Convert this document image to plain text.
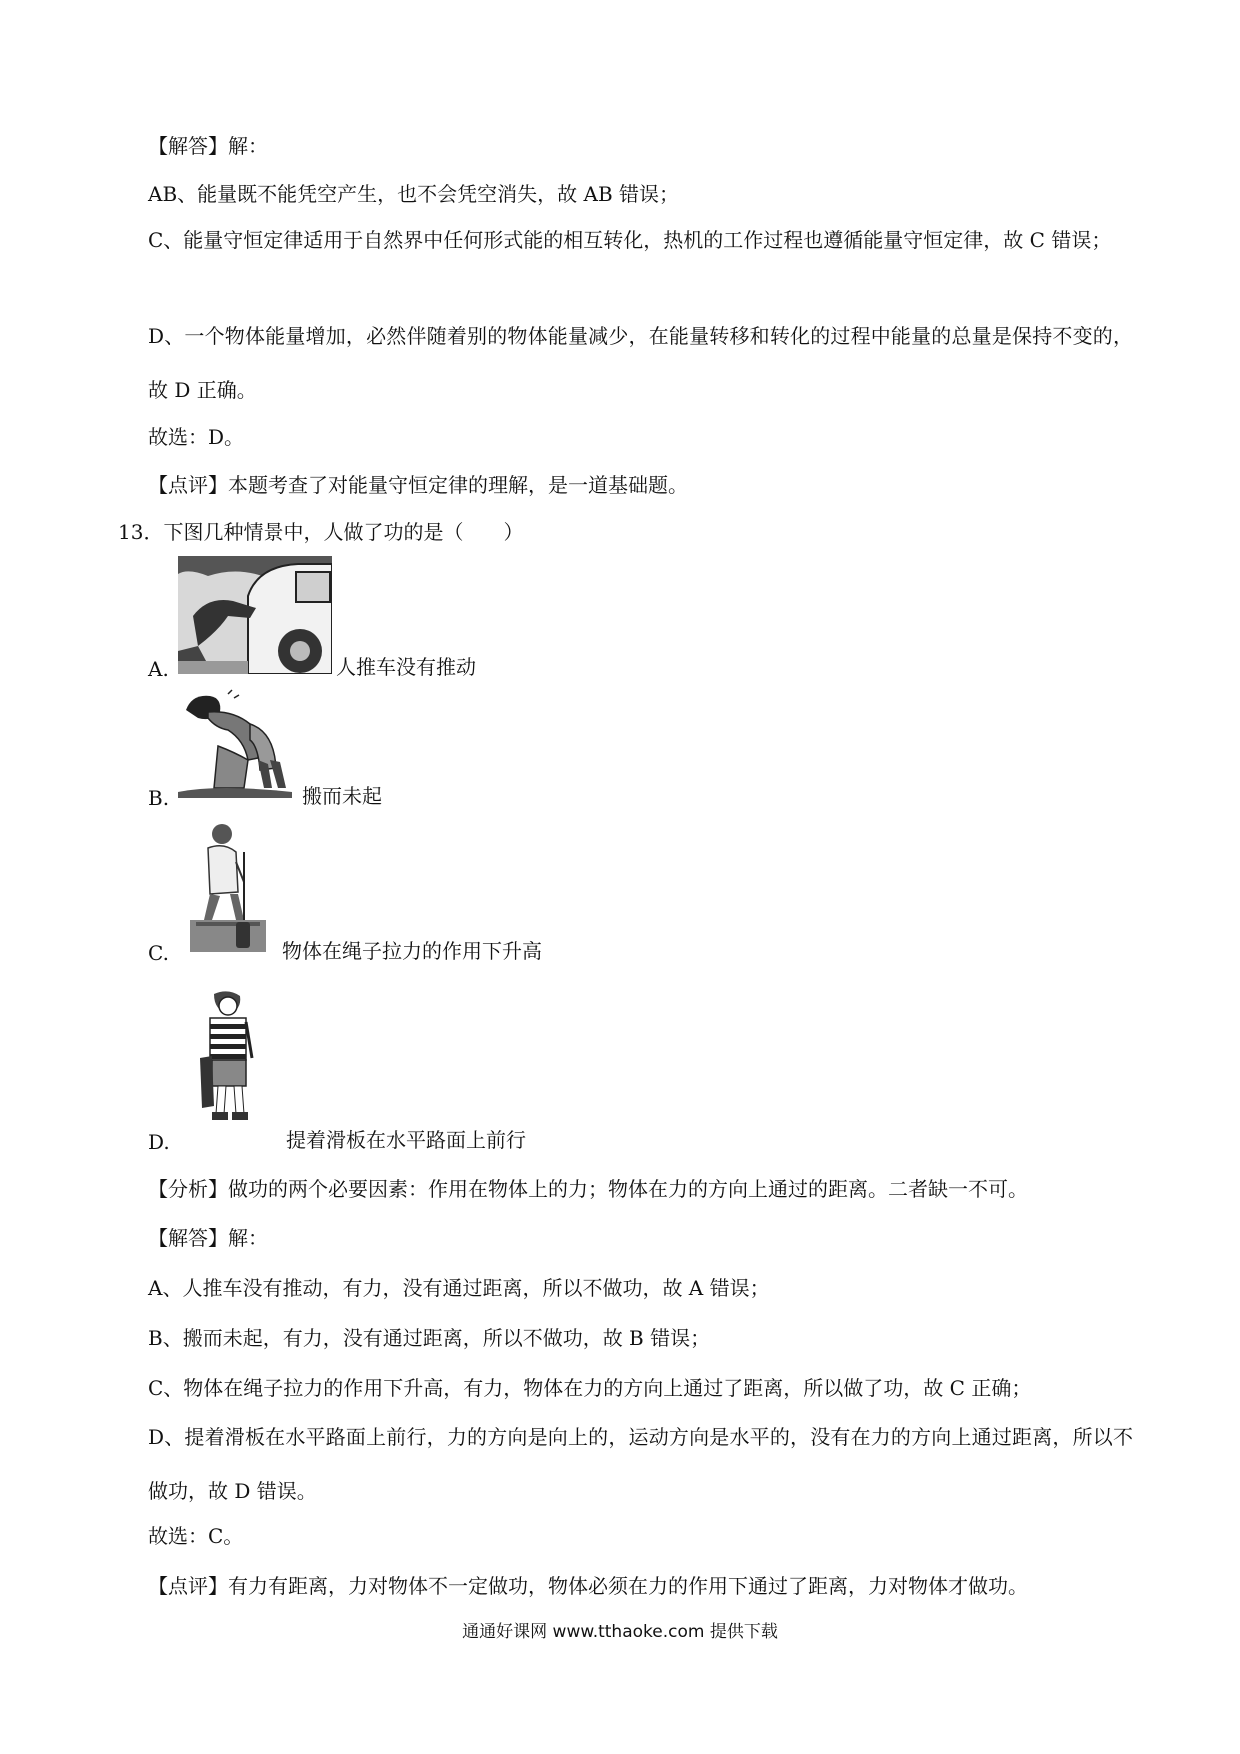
【解答】解：
AB、能量既不能凭空产生，也不会凭空消失，故 AB 错误；
C、能量守恒定律适用于自然界中任何形式能的相互转化，热机的工作过程也遵循能量守恒定律，故 C 错误；
D、一个物体能量增加，必然伴随着别的物体能量减少，在能量转移和转化的过程中能量的总量是保持不变的，故 D 正确。
故选：D。
【点评】本题考查了对能量守恒定律的理解，是一道基础题。
13．下图几种情景中，人做了功的是（　　）
A.	人推车没有推动
B.	搬而未起
C.	物体在绳子拉力的作用下升高
D.	提着滑板在水平路面上前行
【分析】做功的两个必要因素：作用在物体上的力；物体在力的方向上通过的距离。二者缺一不可。
【解答】解：
A、人推车没有推动，有力，没有通过距离，所以不做功，故 A 错误；
B、搬而未起，有力，没有通过距离，所以不做功，故 B 错误；
C、物体在绳子拉力的作用下升高，有力，物体在力的方向上通过了距离，所以做了功，故 C 正确；
D、提着滑板在水平路面上前行，力的方向是向上的，运动方向是水平的，没有在力的方向上通过距离，所以不做功，故 D 错误。
故选：C。
【点评】有力有距离，力对物体不一定做功，物体必须在力的作用下通过了距离，力对物体才做功。
通通好课网 www.tthaoke.com 提供下载
